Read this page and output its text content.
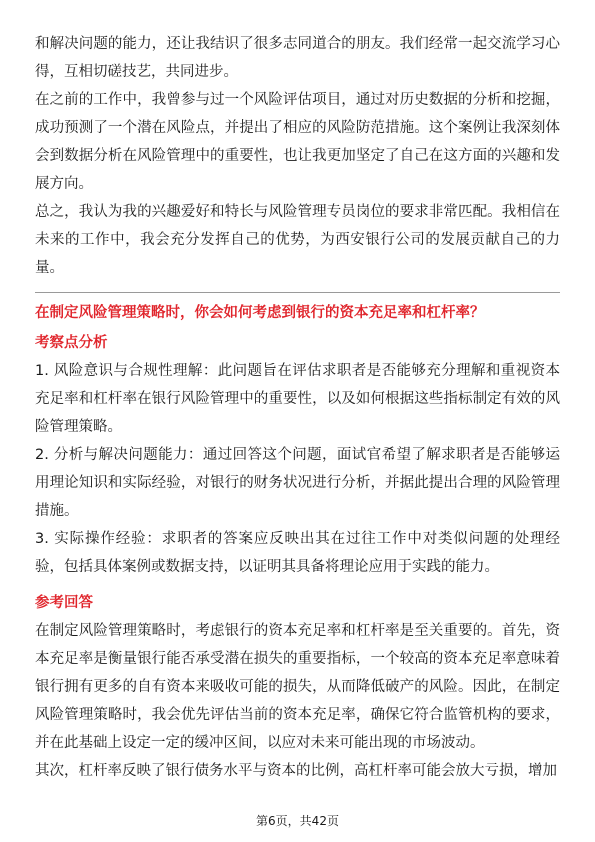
和解决问题的能力，还让我结识了很多志同道合的朋友。我们经常一起交流学习心得，互相切磋技艺，共同进步。

在之前的工作中，我曾参与过一个风险评估项目，通过对历史数据的分析和挖掘，成功预测了一个潜在风险点，并提出了相应的风险防范措施。这个案例让我深刻体会到数据分析在风险管理中的重要性，也让我更加坚定了自己在这方面的兴趣和发展方向。

总之，我认为我的兴趣爱好和特长与风险管理专员岗位的要求非常匹配。我相信在未来的工作中，我会充分发挥自己的优势，为西安银行公司的发展贡献自己的力量。

在制定风险管理策略时，你会如何考虑到银行的资本充足率和杠杆率？
考察点分析

1. 风险意识与合规性理解：此问题旨在评估求职者是否能够充分理解和重视资本充足率和杠杆率在银行风险管理中的重要性，以及如何根据这些指标制定有效的风险管理策略。

2. 分析与解决问题能力：通过回答这个问题，面试官希望了解求职者是否能够运用理论知识和实际经验，对银行的财务状况进行分析，并据此提出合理的风险管理措施。

3. 实际操作经验：求职者的答案应反映出其在过往工作中对类似问题的处理经验，包括具体案例或数据支持，以证明其具备将理论应用于实践的能力。

参考回答

在制定风险管理策略时，考虑银行的资本充足率和杠杆率是至关重要的。首先，资本充足率是衡量银行能否承受潜在损失的重要指标，一个较高的资本充足率意味着银行拥有更多的自有资本来吸收可能的损失，从而降低破产的风险。因此，在制定风险管理策略时，我会优先评估当前的资本充足率，确保它符合监管机构的要求，并在此基础上设定一定的缓冲区间，以应对未来可能出现的市场波动。

其次，杠杆率反映了银行债务水平与资本的比例，高杠杆率可能会放大亏损，增加

第6页，共42页
